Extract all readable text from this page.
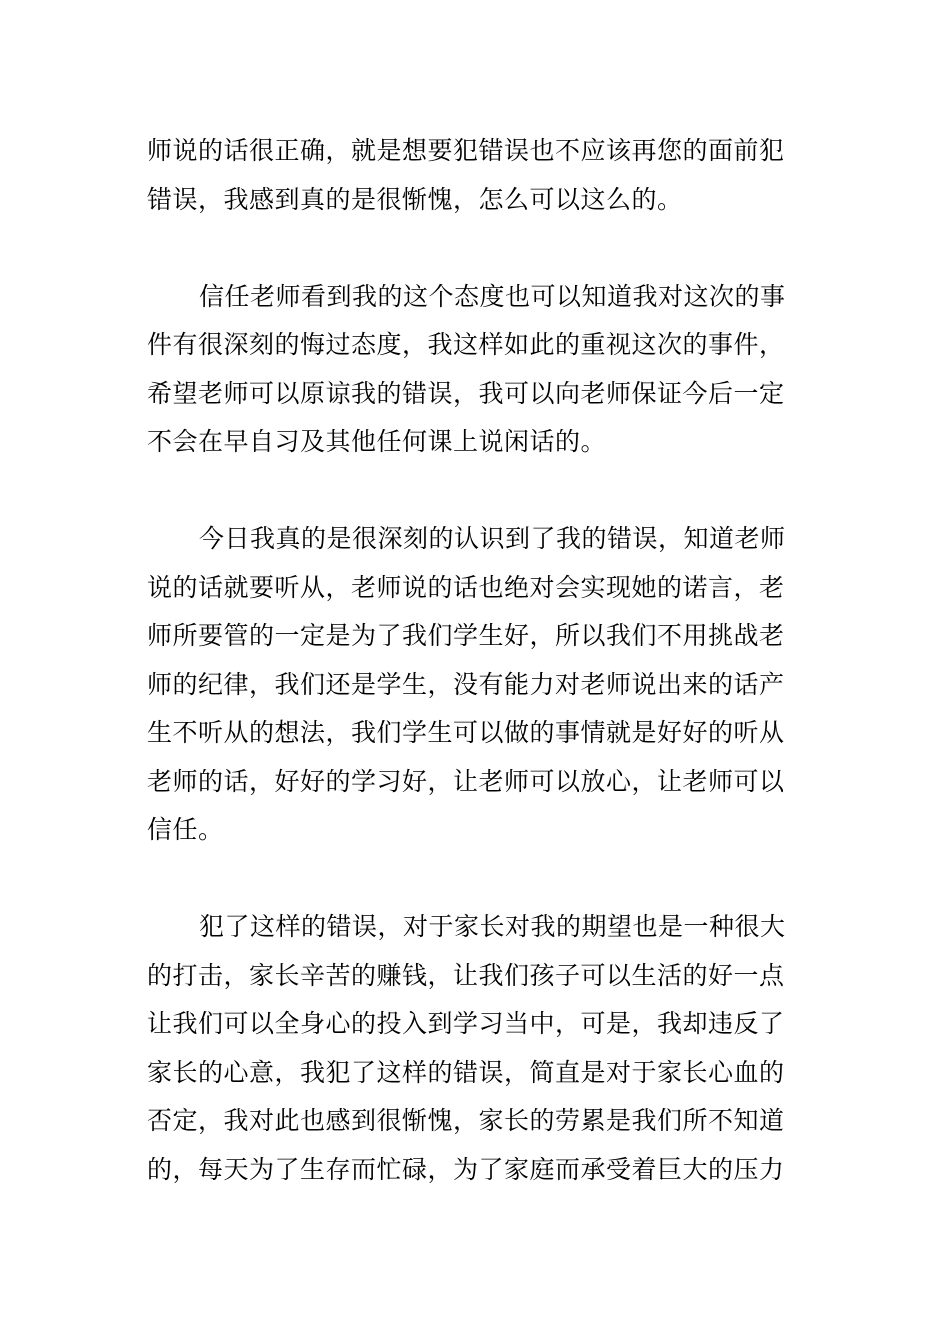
师说的话很正确，就是想要犯错误也不应该再您的面前犯
错误，我感到真的是很惭愧，怎么可以这么的。
信任老师看到我的这个态度也可以知道我对这次的事
件有很深刻的悔过态度，我这样如此的重视这次的事件，
希望老师可以原谅我的错误，我可以向老师保证今后一定
不会在早自习及其他任何课上说闲话的。
今日我真的是很深刻的认识到了我的错误，知道老师
说的话就要听从，老师说的话也绝对会实现她的诺言，老
师所要管的一定是为了我们学生好，所以我们不用挑战老
师的纪律，我们还是学生，没有能力对老师说出来的话产
生不听从的想法，我们学生可以做的事情就是好好的听从
老师的话，好好的学习好，让老师可以放心，让老师可以
信任。
犯了这样的错误，对于家长对我的期望也是一种很大
的打击，家长辛苦的赚钱，让我们孩子可以生活的好一点
让我们可以全身心的投入到学习当中，可是，我却违反了
家长的心意，我犯了这样的错误，简直是对于家长心血的
否定，我对此也感到很惭愧，家长的劳累是我们所不知道
的，每天为了生存而忙碌，为了家庭而承受着巨大的压力
